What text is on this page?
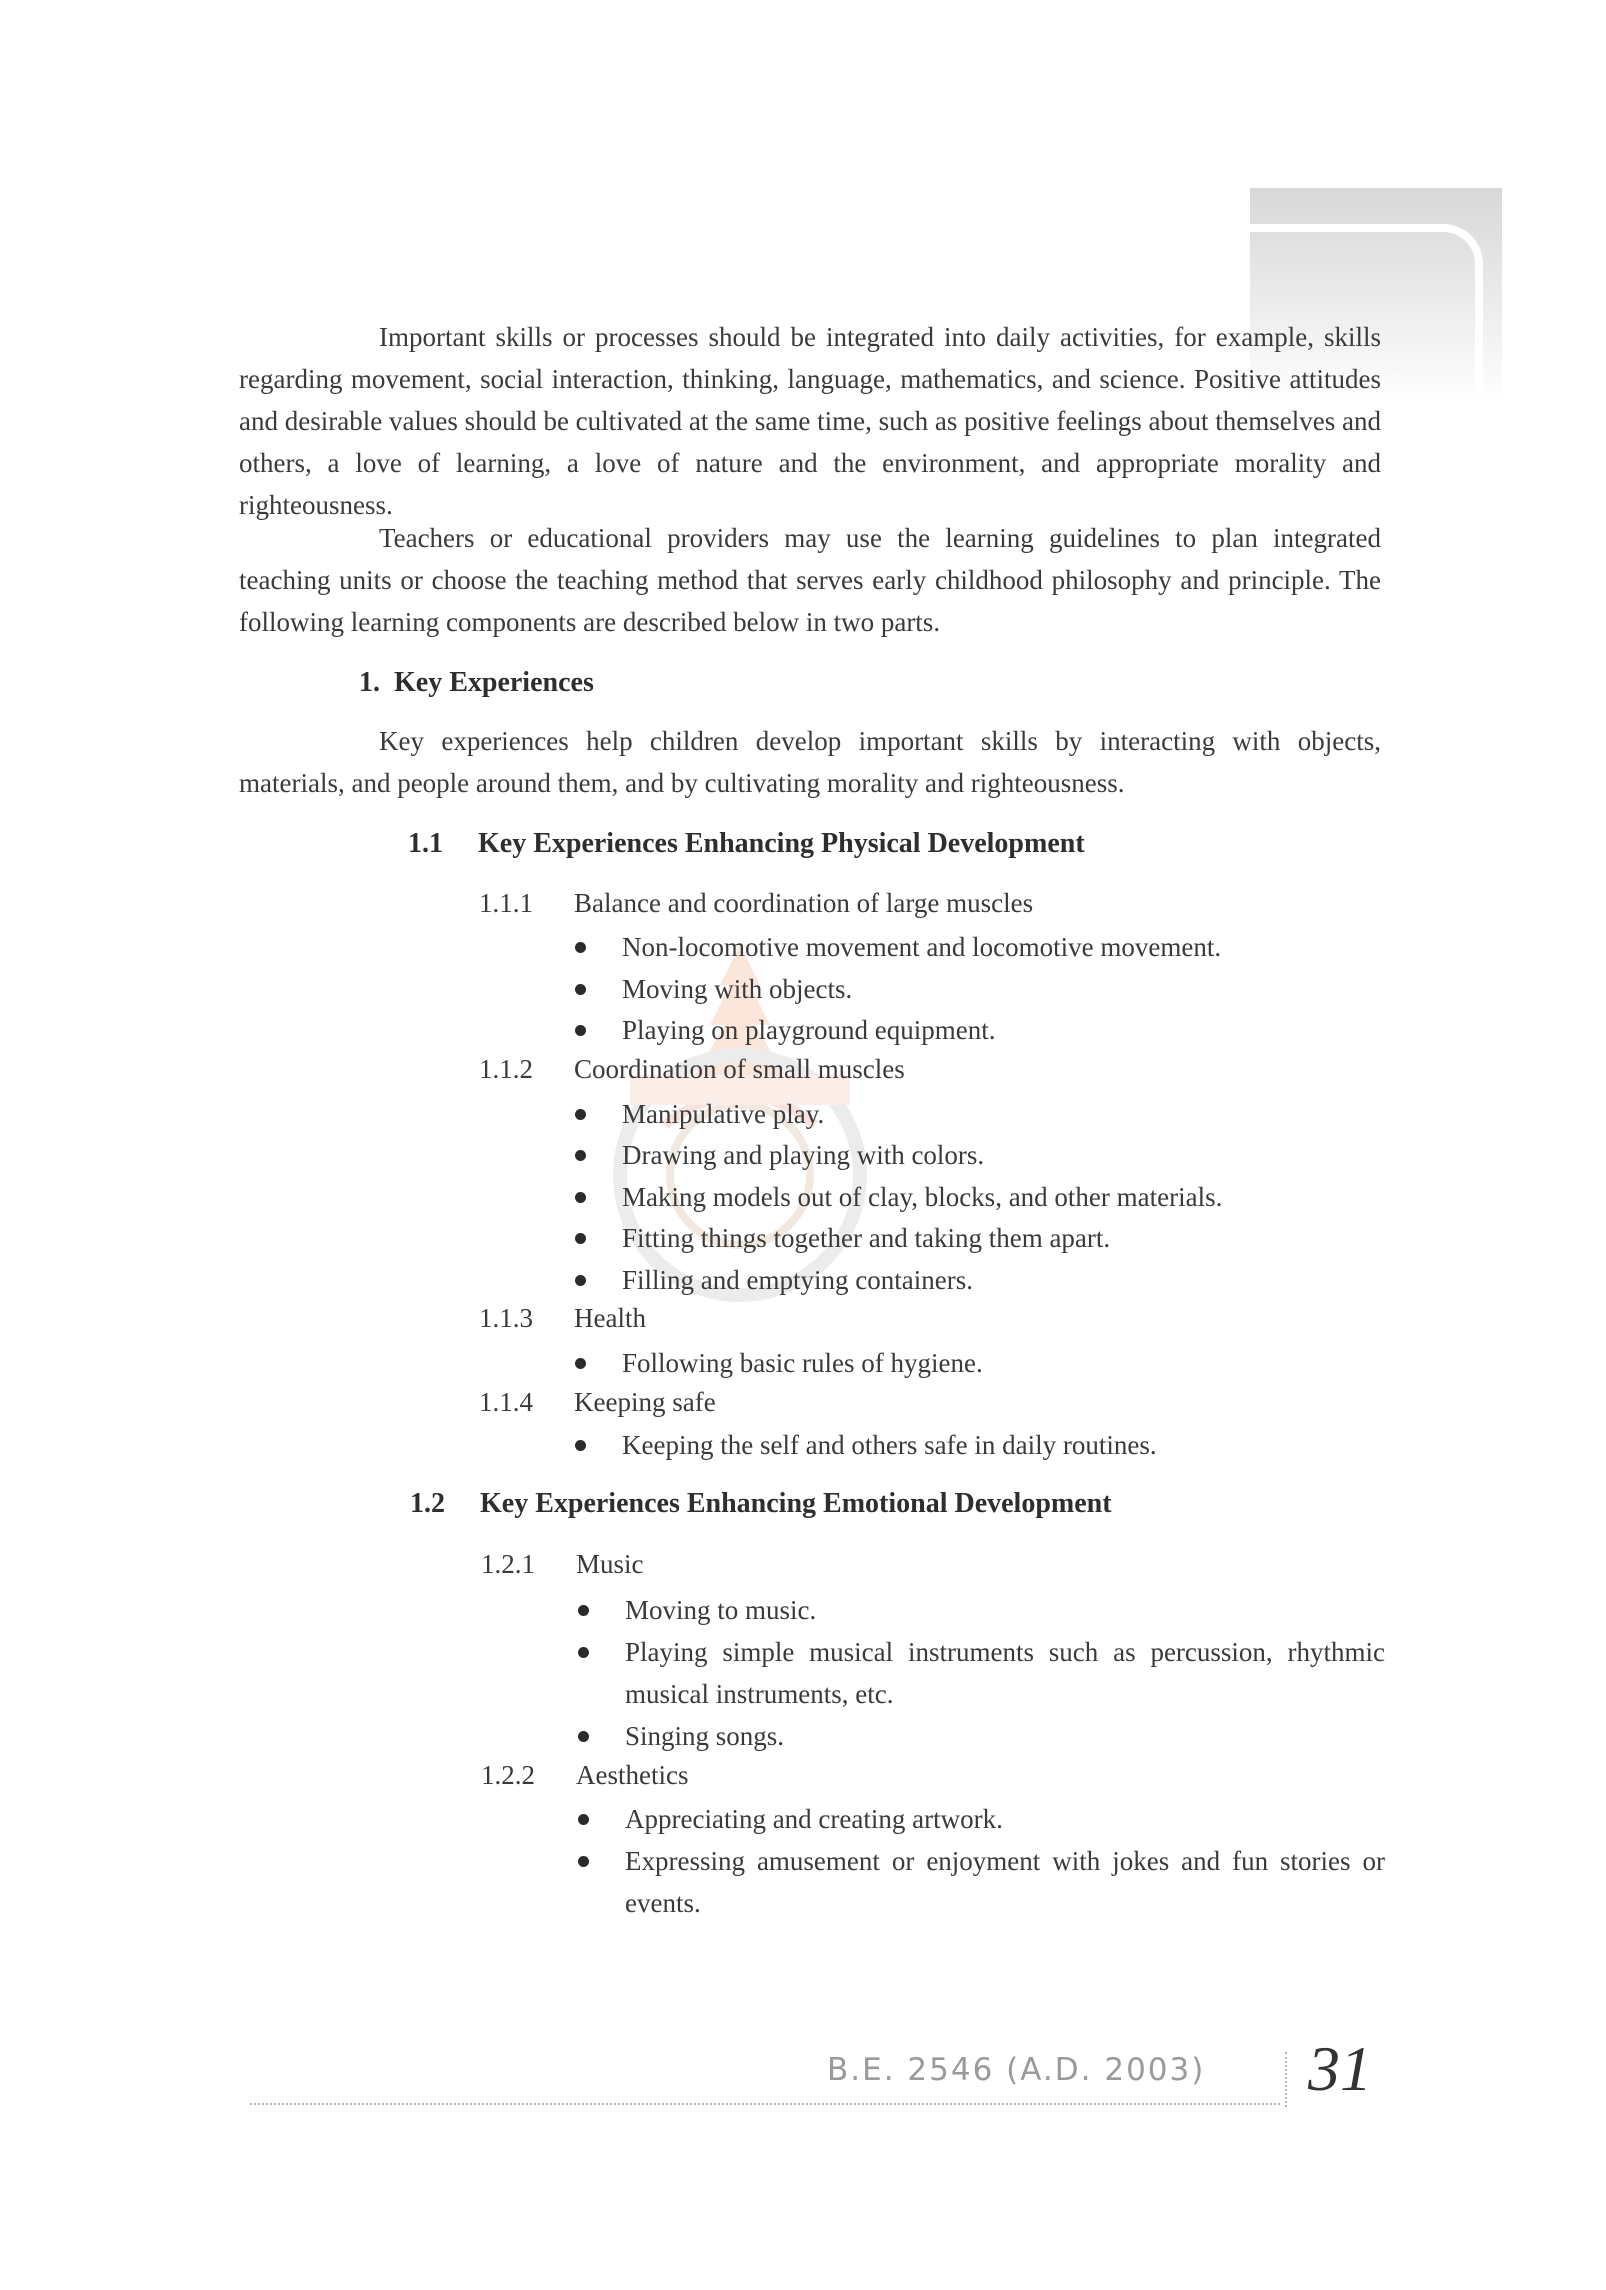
Important skills or processes should be integrated into daily activities, for example, skills regarding movement, social interaction, thinking, language, mathematics, and science. Positive attitudes and desirable values should be cultivated at the same time, such as positive feelings about themselves and others, a love of learning, a love of nature and the environment, and appropriate morality and righteousness.
Teachers or educational providers may use the learning guidelines to plan integrated teaching units or choose the teaching method that serves early childhood philosophy and principle. The following learning components are described below in two parts.
1. Key Experiences
Key experiences help children develop important skills by interacting with objects, materials, and people around them, and by cultivating morality and righteousness.
1.1 Key Experiences Enhancing Physical Development
1.1.1 Balance and coordination of large muscles
Non-locomotive movement and locomotive movement.
Moving with objects.
Playing on playground equipment.
1.1.2 Coordination of small muscles
Manipulative play.
Drawing and playing with colors.
Making models out of clay, blocks, and other materials.
Fitting things together and taking them apart.
Filling and emptying containers.
1.1.3 Health
Following basic rules of hygiene.
1.1.4 Keeping safe
Keeping the self and others safe in daily routines.
1.2 Key Experiences Enhancing Emotional Development
1.2.1 Music
Moving to music.
Playing simple musical instruments such as percussion, rhythmic musical instruments, etc.
Singing songs.
1.2.2 Aesthetics
Appreciating and creating artwork.
Expressing amusement or enjoyment with jokes and fun stories or events.
B.E. 2546 (A.D. 2003) 31
